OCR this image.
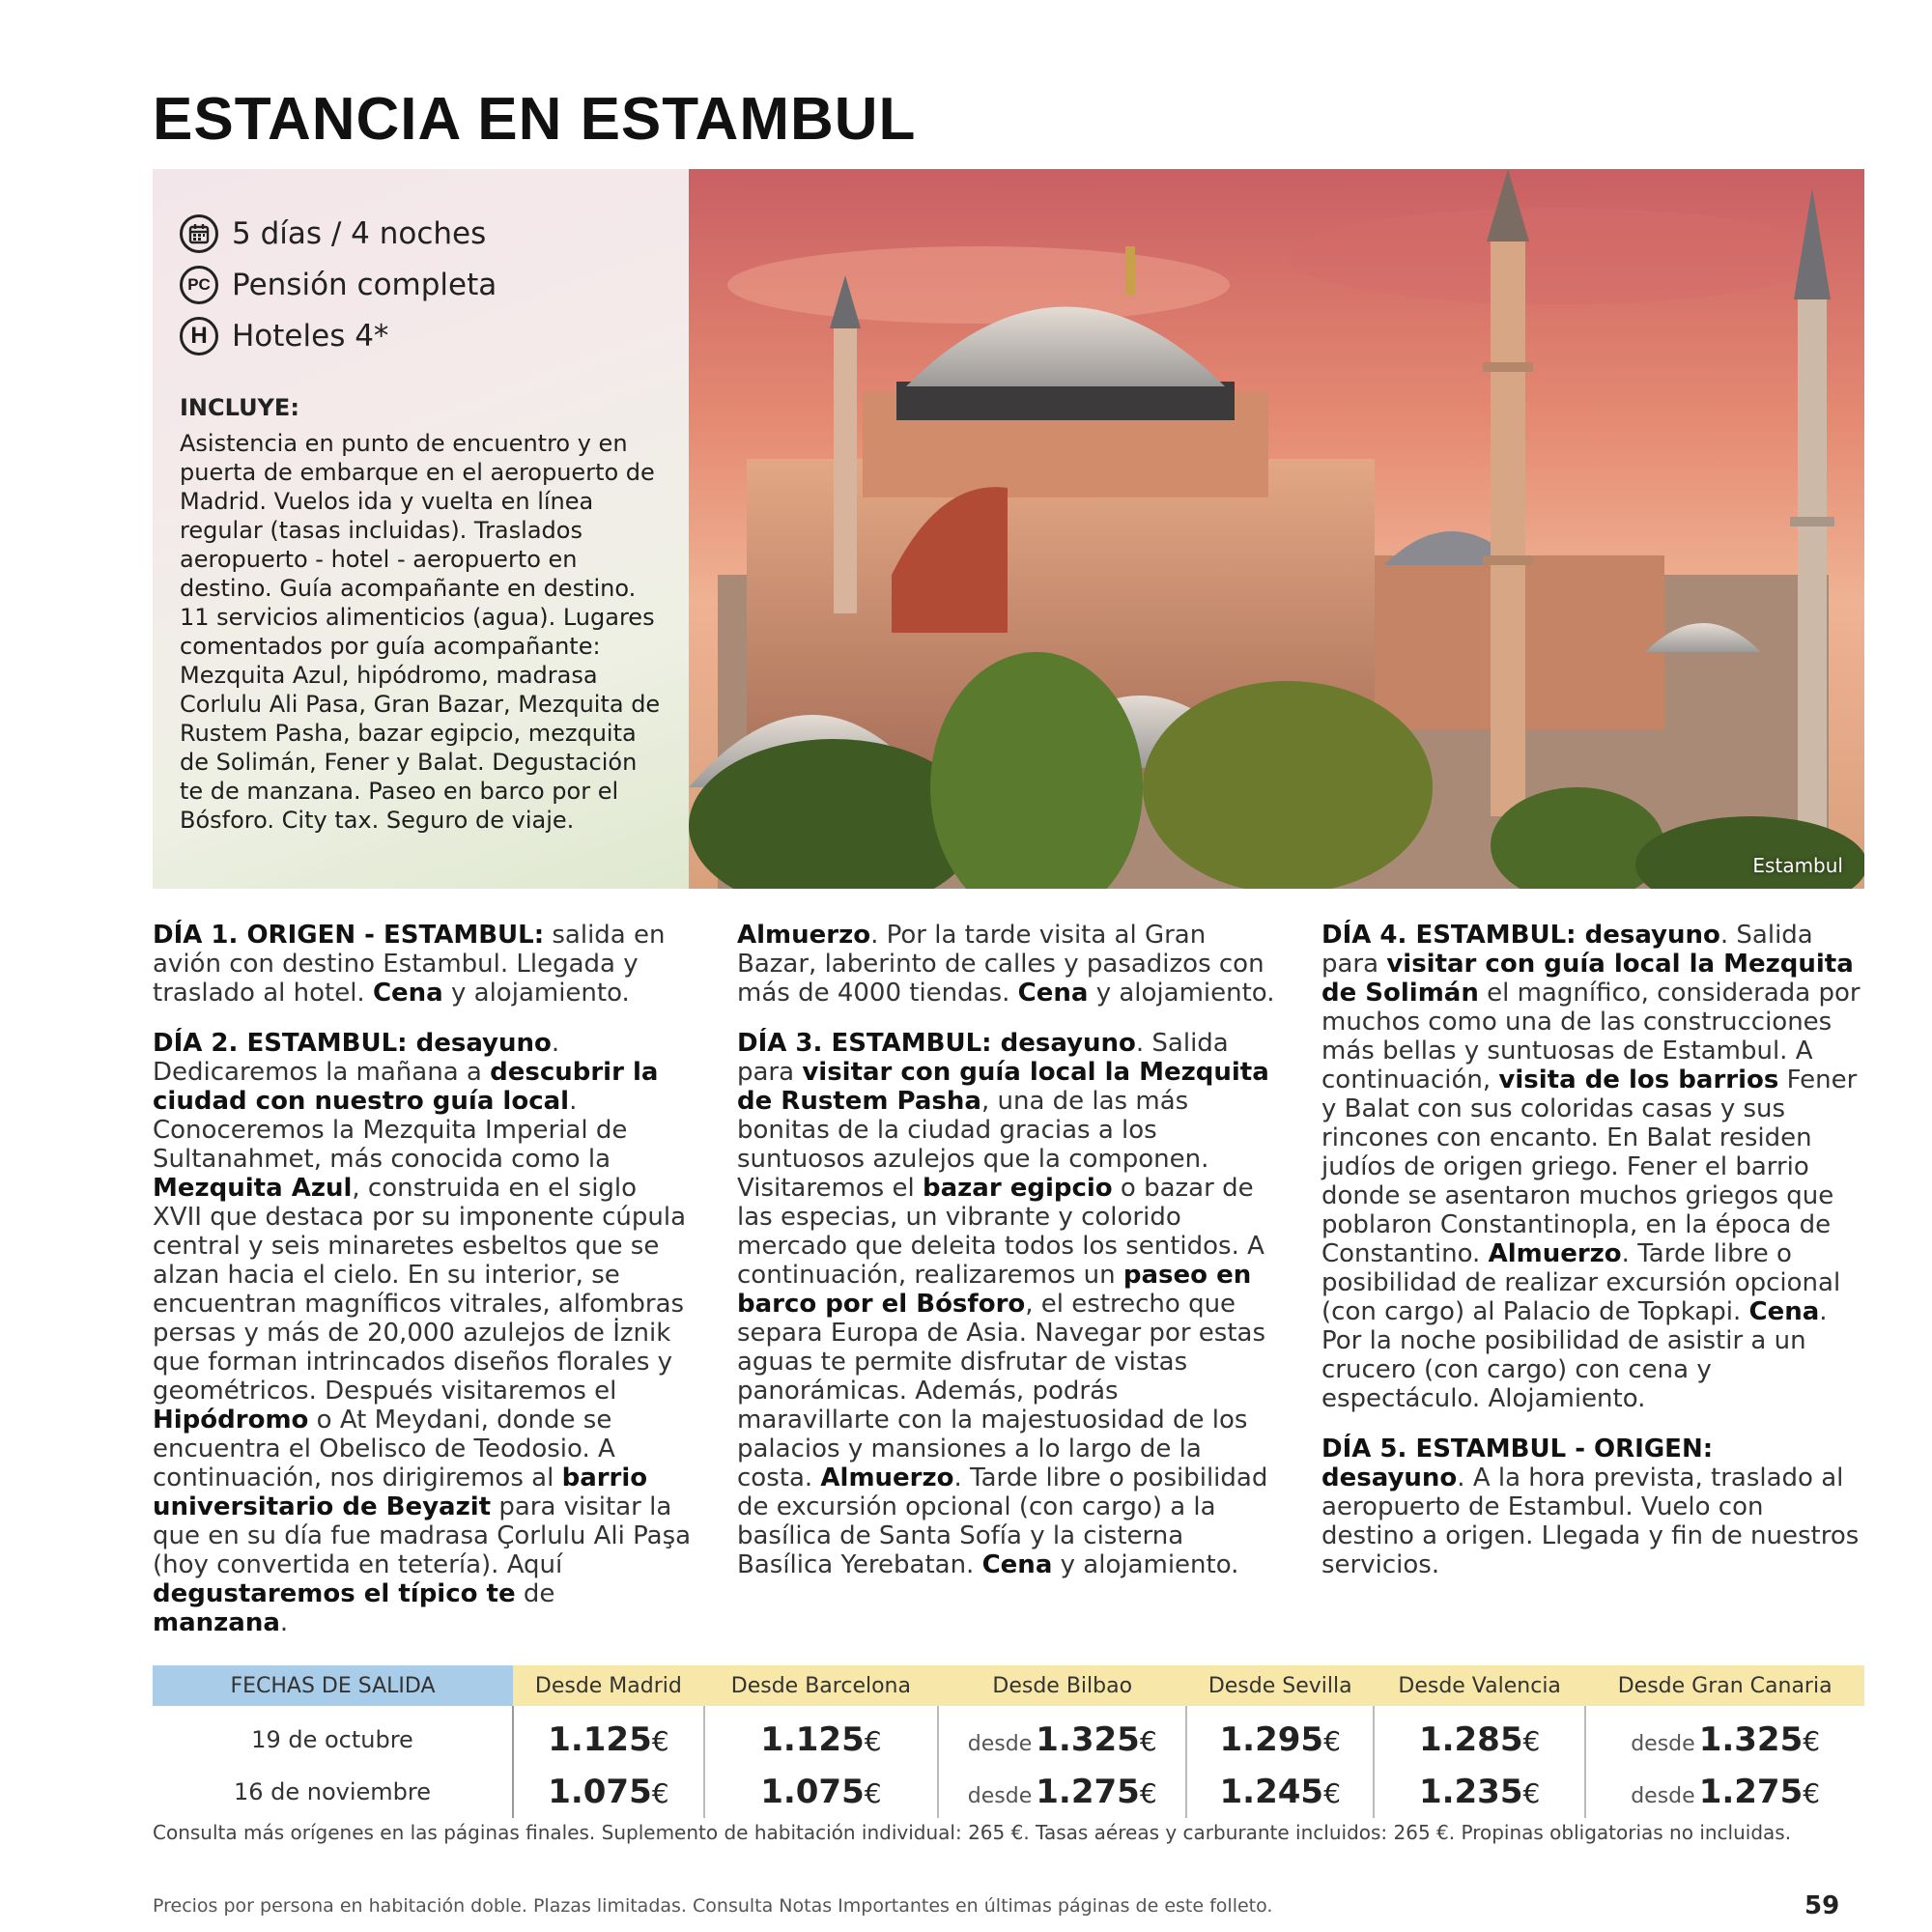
ESTANCIA EN ESTAMBUL
5 días / 4 noches
PC Pensión completa
H Hoteles 4*
INCLUYE:
Asistencia en punto de encuentro y en puerta de embarque en el aeropuerto de Madrid. Vuelos ida y vuelta en línea regular (tasas incluidas). Traslados aeropuerto - hotel - aeropuerto en destino. Guía acompañante en destino. 11 servicios alimenticios (agua). Lugares comentados por guía acompañante: Mezquita Azul, hipódromo, madrasa Corlulu Ali Pasa, Gran Bazar, Mezquita de Rustem Pasha, bazar egipcio, mezquita de Solimán, Fener y Balat. Degustación te de manzana. Paseo en barco por el Bósforo. City tax. Seguro de viaje.
Estambul

DÍA 1. ORIGEN - ESTAMBUL: salida en avión con destino Estambul. Llegada y traslado al hotel. Cena y alojamiento.

DÍA 2. ESTAMBUL: desayuno. Dedicaremos la mañana a descubrir la ciudad con nuestro guía local. Conoceremos la Mezquita Imperial de Sultanahmet, más conocida como la Mezquita Azul, construida en el siglo XVII que destaca por su imponente cúpula central y seis minaretes esbeltos que se alzan hacia el cielo. En su interior, se encuentran magníficos vitrales, alfombras persas y más de 20,000 azulejos de İznik que forman intrincados diseños florales y geométricos. Después visitaremos el Hipódromo o At Meydani, donde se encuentra el Obelisco de Teodosio. A continuación, nos dirigiremos al barrio universitario de Beyazit para visitar la que en su día fue madrasa Çorlulu Ali Paşa (hoy convertida en tetería). Aquí degustaremos el típico te de manzana.

Almuerzo. Por la tarde visita al Gran Bazar, laberinto de calles y pasadizos con más de 4000 tiendas. Cena y alojamiento.

DÍA 3. ESTAMBUL: desayuno. Salida para visitar con guía local la Mezquita de Rustem Pasha, una de las más bonitas de la ciudad gracias a los suntuosos azulejos que la componen. Visitaremos el bazar egipcio o bazar de las especias, un vibrante y colorido mercado que deleita todos los sentidos. A continuación, realizaremos un paseo en barco por el Bósforo, el estrecho que separa Europa de Asia. Navegar por estas aguas te permite disfrutar de vistas panorámicas. Además, podrás maravillarte con la majestuosidad de los palacios y mansiones a lo largo de la costa. Almuerzo. Tarde libre o posibilidad de excursión opcional (con cargo) a la basílica de Santa Sofía y la cisterna Basílica Yerebatan. Cena y alojamiento.

DÍA 4. ESTAMBUL: desayuno. Salida para visitar con guía local la Mezquita de Solimán el magnífico, considerada por muchos como una de las construcciones más bellas y suntuosas de Estambul. A continuación, visita de los barrios Fener y Balat con sus coloridas casas y sus rincones con encanto. En Balat residen judíos de origen griego. Fener el barrio donde se asentaron muchos griegos que poblaron Constantinopla, en la época de Constantino. Almuerzo. Tarde libre o posibilidad de realizar excursión opcional (con cargo) al Palacio de Topkapi. Cena. Por la noche posibilidad de asistir a un crucero (con cargo) con cena y espectáculo. Alojamiento.

DÍA 5. ESTAMBUL - ORIGEN: desayuno. A la hora prevista, traslado al aeropuerto de Estambul. Vuelo con destino a origen. Llegada y fin de nuestros servicios.

FECHAS DE SALIDA	Desde Madrid	Desde Barcelona	Desde Bilbao	Desde Sevilla	Desde Valencia	Desde Gran Canaria
19 de octubre	1.125€	1.125€	desde 1.325€	1.295€	1.285€	desde 1.325€
16 de noviembre	1.075€	1.075€	desde 1.275€	1.245€	1.235€	desde 1.275€
Consulta más orígenes en las páginas finales. Suplemento de habitación individual: 265 €. Tasas aéreas y carburante incluidos: 265 €. Propinas obligatorias no incluidas.
Precios por persona en habitación doble. Plazas limitadas. Consulta Notas Importantes en últimas páginas de este folleto.	59
